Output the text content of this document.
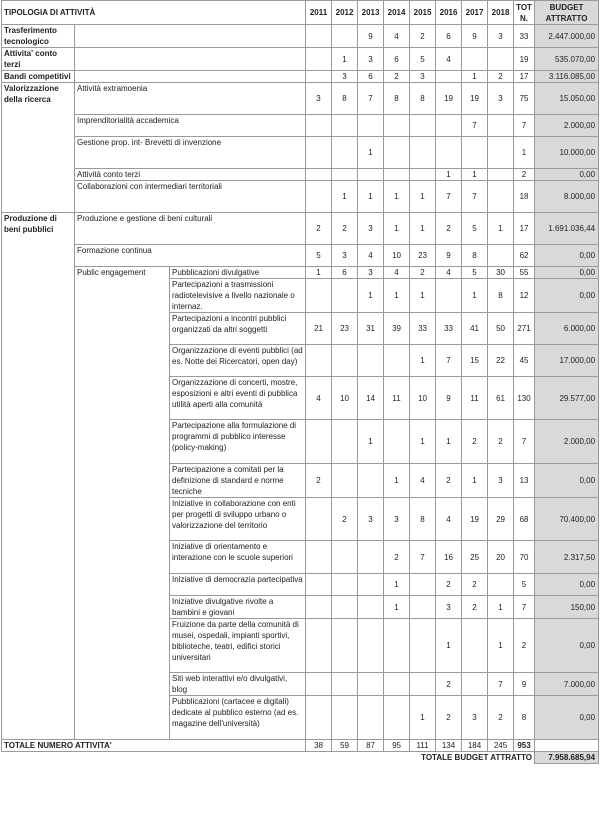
TIPOLOGIA DI ATTIVITÀ			2011	2012	2013	2014	2015	2016	2017	2018	TOT N.	BUDGET ATTRATTO
Trasferimento tecnologico					9	4	2	6	9	3	33	2.447.000,00
Attivita' conto terzi				1	3	6	5	4			19	535.070,00
Bandi competitivi				3	6	2	3		1	2	17	3.116.085,00
Valorizzazione della ricerca	Attività extramoenia		3	8	7	8	8	19	19	3	75	15.050,00
	Imprenditorialità accademica								7		7	2.000,00
	Gestione prop. int- Brevetti di invenzione				1						1	10.000,00
	Attività conto terzi							1	1		2	0,00
	Collaborazioni con intermediari territoriali			1	1	1	1	7	7		18	8.000,00
Produzione di beni pubblici	Produzione e gestione di beni culturali		2	2	3	1	1	2	5	1	17	1.691.036,44
	Formazione continua		5	3	4	10	23	9	8		62	0,00
	Public engagement	Pubblicazioni divulgative	1	6	3	4	2	4	5	30	55	0,00
		Partecipazioni a trasmissioni radiotelevisive a livello nazionale o internaz.			1	1	1		1	8	12	0,00
		Partecipazioni a incontri pubblici organizzati da altri soggetti	21	23	31	39	33	33	41	50	271	6.000,00
		Organizzazione di eventi pubblici (ad es. Notte dei Ricercatori, open day)					1	7	15	22	45	17.000,00
		Organizzazione di concerti, mostre, esposizioni e altri eventi di pubblica utilità aperti alla comunità	4	10	14	11	10	9	11	61	130	29.577,00
		Partecipazione alla formulazione di programmi di pubblico interesse (policy-making)			1		1	1	2	2	7	2.000,00
		Partecipazione a comitati per la definizione di standard e norme tecniche	2			1	4	2	1	3	13	0,00
		Iniziative in collaborazione con enti per progetti di sviluppo urbano o valorizzazione del territorio		2	3	3	8	4	19	29	68	70.400,00
		Iniziative di orientamento e interazione con le scuole superiori				2	7	16	25	20	70	2.317,50
		Iniziative di democrazia partecipativa				1		2	2		5	0,00
		Iniziative divulgative rivolte a bambini e giovani				1		3	2	1	7	150,00
		Fruizione da parte della comunità di musei, ospedali, impianti sportivi, biblioteche, teatri, edifici storici universitari						1		1	2	0,00
		Siti web interattivi e/o divulgativi, blog						2		7	9	7.000,00
		Pubblicazioni (cartacee e digitali) dedicate al pubblico esterno (ad es. magazine dell'università)					1	2	3	2	8	0,00
TOTALE NUMERO ATTIVITA'			38	59	87	95	111	134	184	245	953	
			TOTALE BUDGET ATTRATTO									7.958.685,94
